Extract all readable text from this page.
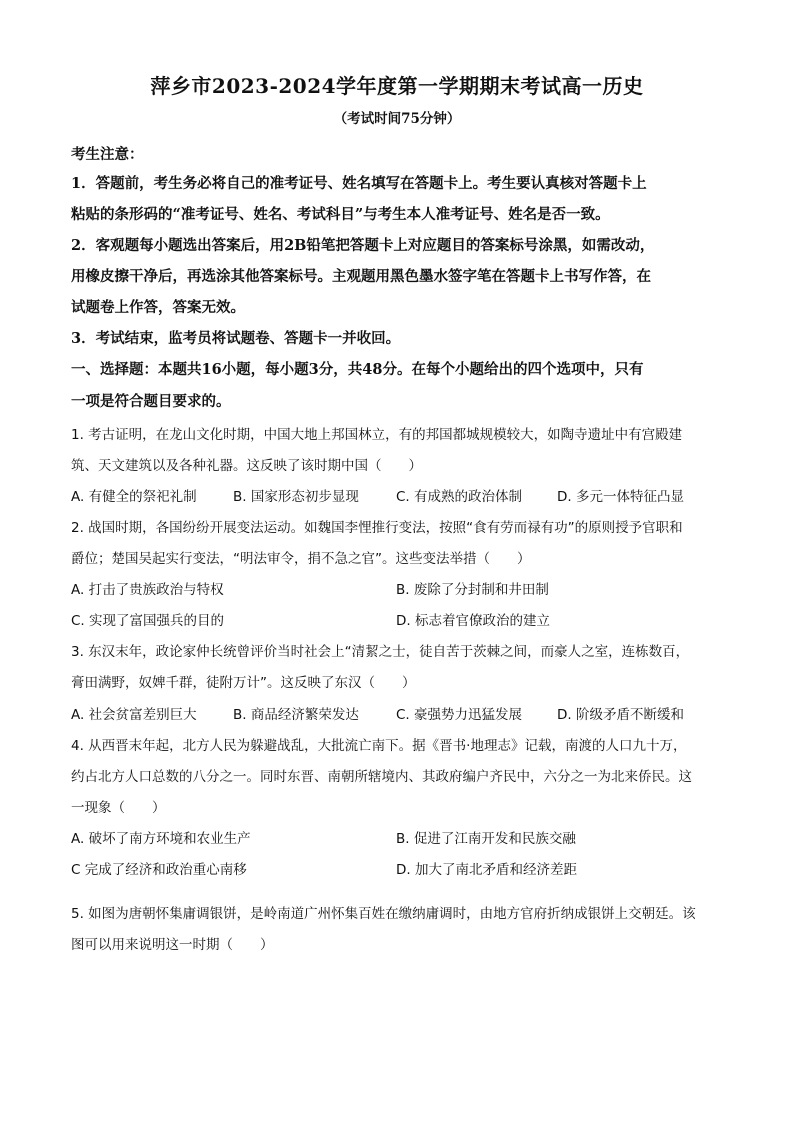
萍乡市2023-2024学年度第一学期期末考试高一历史
（考试时间75分钟）
考生注意：
1．答题前，考生务必将自己的准考证号、姓名填写在答题卡上。考生要认真核对答题卡上
粘贴的条形码的“准考证号、姓名、考试科目”与考生本人准考证号、姓名是否一致。
2．客观题每小题选出答案后，用2B铅笔把答题卡上对应题目的答案标号涂黑，如需改动，
用橡皮擦干净后，再选涂其他答案标号。主观题用黑色墨水签字笔在答题卡上书写作答，在
试题卷上作答，答案无效。
3．考试结束，监考员将试题卷、答题卡一并收回。
一、选择题：本题共16小题，每小题3分，共48分。在每个小题给出的四个选项中，只有
一项是符合题目要求的。
1. 考古证明，在龙山文化时期，中国大地上邦国林立，有的邦国都城规模较大，如陶寺遗址中有宫殿建
筑、天文建筑以及各种礼器。这反映了该时期中国（　　）
A. 有健全的祭祀礼制	B. 国家形态初步显现	C. 有成熟的政治体制	D. 多元一体特征凸显
2. 战国时期，各国纷纷开展变法运动。如魏国李悝推行变法，按照“食有劳而禄有功”的原则授予官职和
爵位；楚国吴起实行变法，“明法审令，捐不急之官”。这些变法举措（　　）
A. 打击了贵族政治与特权	B. 废除了分封制和井田制
C. 实现了富国强兵的目的	D. 标志着官僚政治的建立
3. 东汉末年，政论家仲长统曾评价当时社会上“清絜之士，徒自苦于茨棘之间，而豪人之室，连栋数百，
膏田满野，奴婢千群，徒附万计”。这反映了东汉（　　）
A. 社会贫富差别巨大	B. 商品经济繁荣发达	C. 豪强势力迅猛发展	D. 阶级矛盾不断缓和
4. 从西晋末年起，北方人民为躲避战乱，大批流亡南下。据《晋书·地理志》记载，南渡的人口九十万，
约占北方人口总数的八分之一。同时东晋、南朝所辖境内、其政府编户齐民中，六分之一为北来侨民。这
一现象（　　）
A. 破坏了南方环境和农业生产	B. 促进了江南开发和民族交融
C 完成了经济和政治重心南移	D. 加大了南北矛盾和经济差距
5. 如图为唐朝怀集庸调银饼，是岭南道广州怀集百姓在缴纳庸调时，由地方官府折纳成银饼上交朝廷。该
图可以用来说明这一时期（　　）
